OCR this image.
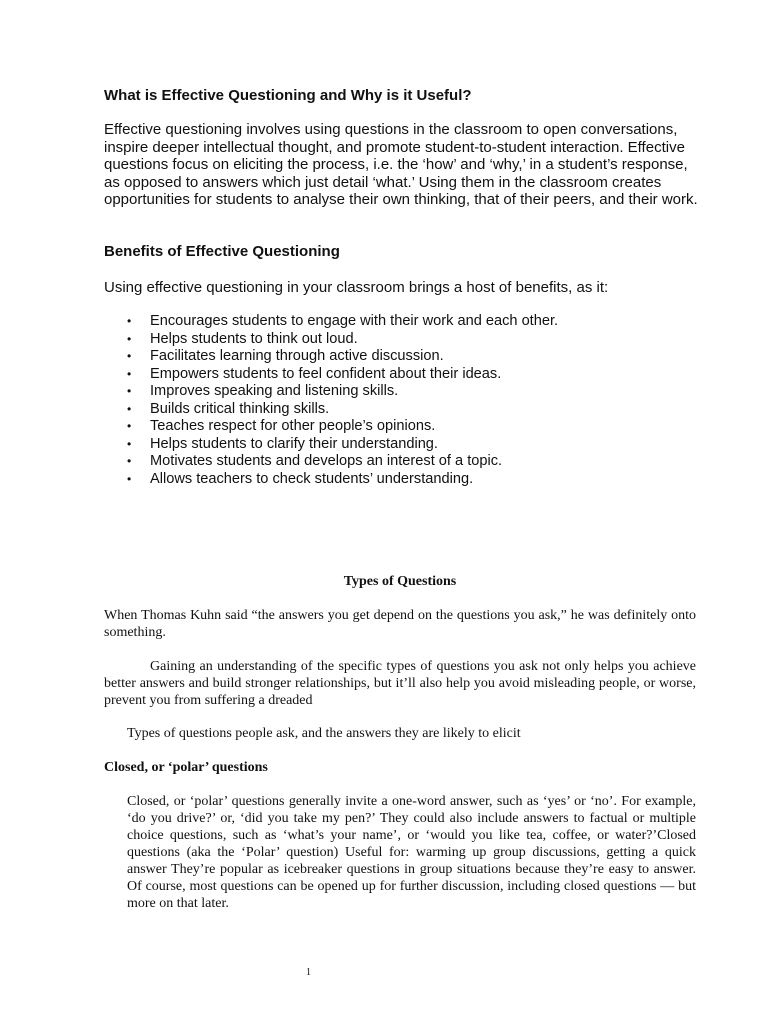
What is Effective Questioning and Why is it Useful?
Effective questioning involves using questions in the classroom to open conversations, inspire deeper intellectual thought, and promote student-to-student interaction. Effective questions focus on eliciting the process, i.e. the ‘how’ and ‘why,’ in a student’s response, as opposed to answers which just detail ‘what.’ Using them in the classroom creates opportunities for students to analyse their own thinking, that of their peers, and their work.
Benefits of Effective Questioning
Using effective questioning in your classroom brings a host of benefits, as it:
• Encourages students to engage with their work and each other.
• Helps students to think out loud.
• Facilitates learning through active discussion.
• Empowers students to feel confident about their ideas.
• Improves speaking and listening skills.
• Builds critical thinking skills.
• Teaches respect for other people’s opinions.
• Helps students to clarify their understanding.
• Motivates students and develops an interest of a topic.
• Allows teachers to check students’ understanding.
Types of Questions
When Thomas Kuhn said “the answers you get depend on the questions you ask,” he was definitely onto something.
Gaining an understanding of the specific types of questions you ask not only helps you achieve better answers and build stronger relationships, but it’ll also help you avoid misleading people, or worse, prevent you from suffering a dreaded
Types of questions people ask, and the answers they are likely to elicit
Closed, or ‘polar’ questions
Closed, or ‘polar’ questions generally invite a one-word answer, such as ‘yes’ or ‘no’. For example, ‘do you drive?’ or, ‘did you take my pen?’ They could also include answers to factual or multiple choice questions, such as ‘what’s your name’, or ‘would you like tea, coffee, or water?’Closed questions (aka the ‘Polar’ question) Useful for: warming up group discussions, getting a quick answer They’re popular as icebreaker questions in group situations because they’re easy to answer. Of course, most questions can be opened up for further discussion, including closed questions — but more on that later.
1
